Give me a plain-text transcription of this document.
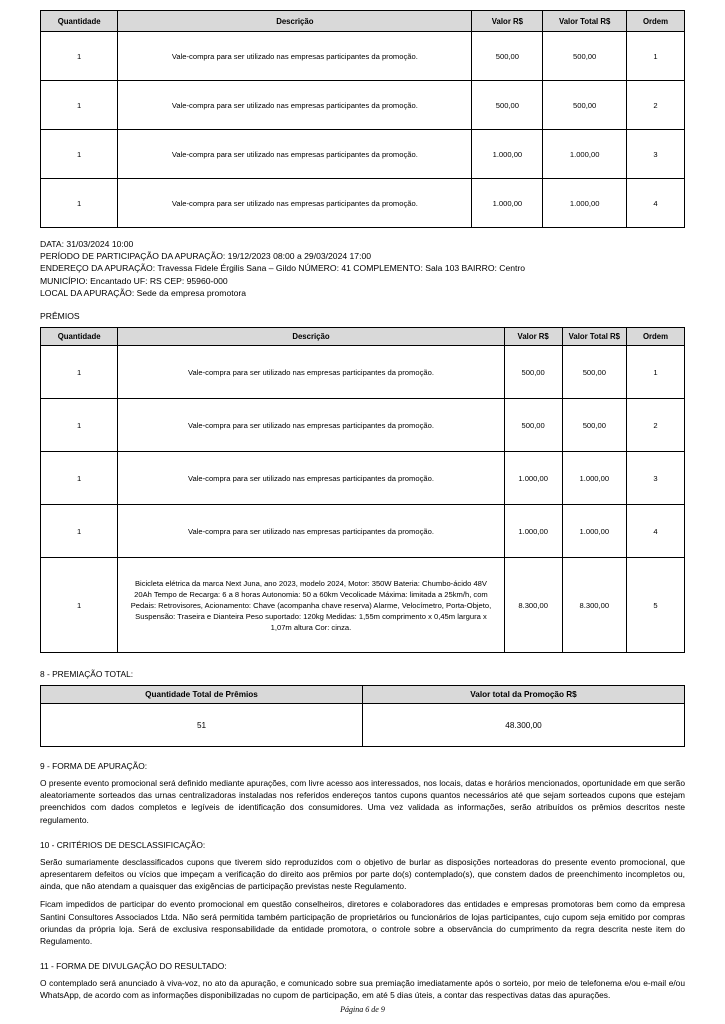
Quantidade	Descrição	Valor R$	Valor Total R$	Ordem
1	Vale-compra para ser utilizado nas empresas participantes da promoção.	500,00	500,00	1
1	Vale-compra para ser utilizado nas empresas participantes da promoção.	500,00	500,00	2
1	Vale-compra para ser utilizado nas empresas participantes da promoção.	1.000,00	1.000,00	3
1	Vale-compra para ser utilizado nas empresas participantes da promoção.	1.000,00	1.000,00	4
DATA: 31/03/2024 10:00
PERÍODO DE PARTICIPAÇÃO DA APURAÇÃO: 19/12/2023 08:00 a 29/03/2024 17:00
ENDEREÇO DA APURAÇÃO: Travessa Fidele Érgilis Sana – Gildo NÚMERO: 41 COMPLEMENTO: Sala 103 BAIRRO: Centro
MUNICÍPIO: Encantado UF: RS CEP: 95960-000
LOCAL DA APURAÇÃO: Sede da empresa promotora
PRÊMIOS
Quantidade	Descrição	Valor R$	Valor Total R$	Ordem
1	Vale-compra para ser utilizado nas empresas participantes da promoção.	500,00	500,00	1
1	Vale-compra para ser utilizado nas empresas participantes da promoção.	500,00	500,00	2
1	Vale-compra para ser utilizado nas empresas participantes da promoção.	1.000,00	1.000,00	3
1	Vale-compra para ser utilizado nas empresas participantes da promoção.	1.000,00	1.000,00	4
1	Bicicleta elétrica da marca Next Juna, ano 2023, modelo 2024, Motor: 350W Bateria: Chumbo-ácido 48V 20Ah Tempo de Recarga: 6 a 8 horas Autonomia: 50 a 60km Vecolicade Máxima: limitada a 25km/h, com Pedais: Retrovisores, Acionamento: Chave (acompanha chave reserva) Alarme, Velocímetro, Porta-Objeto, Suspensão: Traseira e Dianteira Peso suportado: 120kg Medidas: 1,55m comprimento x 0,45m largura x 1,07m altura Cor: cinza.	8.300,00	8.300,00	5
8 - PREMIAÇÃO TOTAL:
Quantidade Total de Prêmios	Valor total da Promoção R$
51	48.300,00
9 - FORMA DE APURAÇÃO:

O presente evento promocional será definido mediante apurações, com livre acesso aos interessados, nos locais, datas e horários mencionados, oportunidade em que serão aleatoriamente sorteados das urnas centralizadoras instaladas nos referidos endereços tantos cupons quantos necessários até que sejam sorteados cupons que estejam preenchidos com dados completos e legíveis de identificação dos consumidores. Uma vez validada as informações, serão atribuídos os prêmios descritos neste regulamento.

10 - CRITÉRIOS DE DESCLASSIFICAÇÃO:

Serão sumariamente desclassificados cupons que tiverem sido reproduzidos com o objetivo de burlar as disposições norteadoras do presente evento promocional, que apresentarem defeitos ou vícios que impeçam a verificação do direito aos prêmios por parte do(s) contemplado(s), que constem dados de preenchimento incompletos ou, ainda, que não atendam a quaisquer das exigências de participação previstas neste Regulamento.

Ficam impedidos de participar do evento promocional em questão conselheiros, diretores e colaboradores das entidades e empresas promotoras bem como da empresa Santini Consultores Associados Ltda. Não será permitida também participação de proprietários ou funcionários de lojas participantes, cujo cupom seja emitido por compras oriundas da própria loja. Será de exclusiva responsabilidade da entidade promotora, o controle sobre a observância do cumprimento da regra descrita neste item do Regulamento.

11 - FORMA DE DIVULGAÇÃO DO RESULTADO:

O contemplado será anunciado à viva-voz, no ato da apuração, e comunicado sobre sua premiação imediatamente após o sorteio, por meio de telefonema e/ou e-mail e/ou WhatsApp, de acordo com as informações disponibilizadas no cupom de participação, em até 5 dias úteis, a contar das respectivas datas das apurações.

Página 6 de 9
